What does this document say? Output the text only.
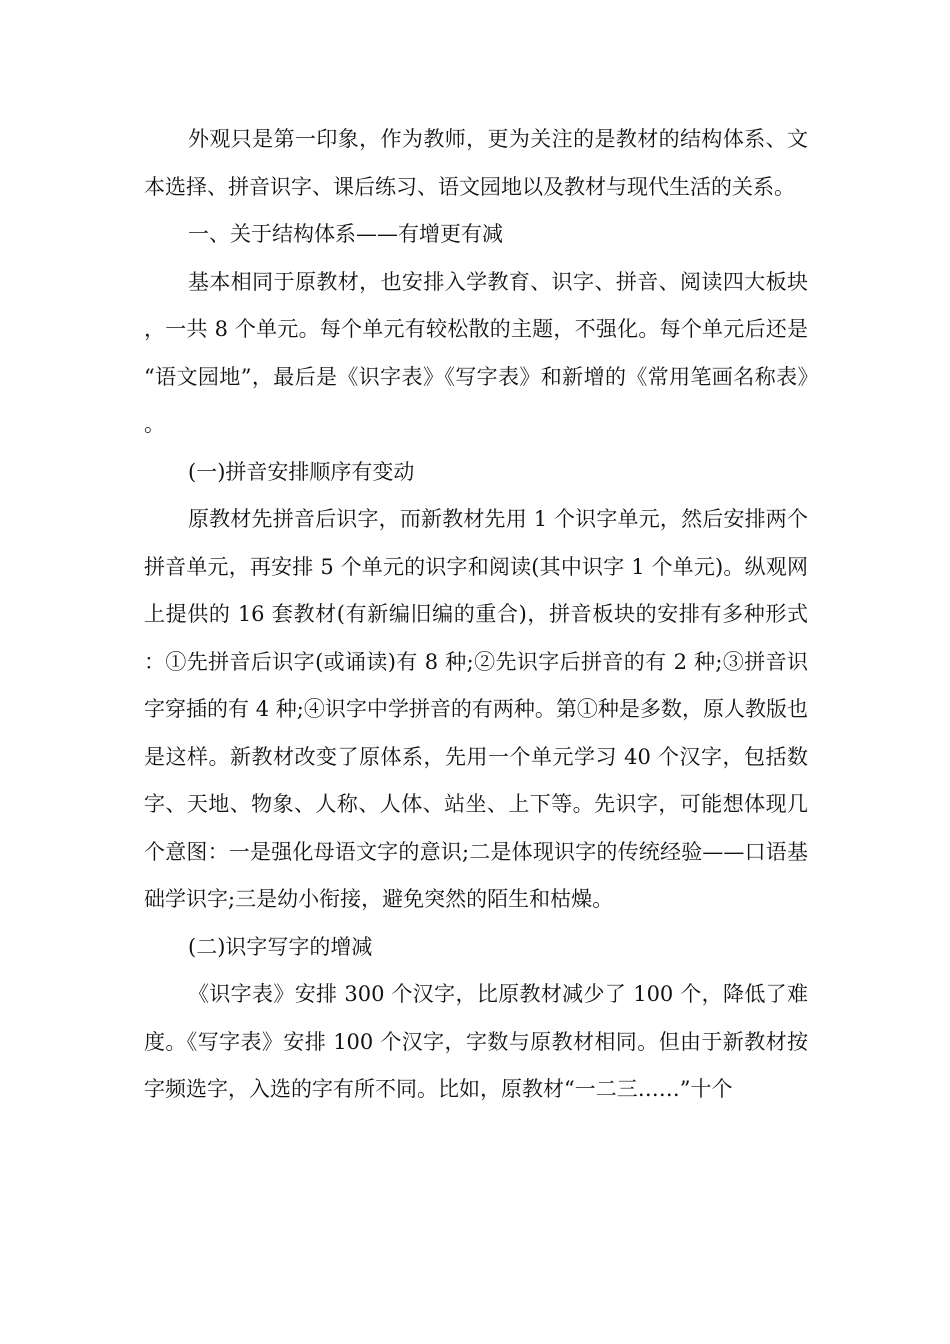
外观只是第一印象，作为教师，更为关注的是教材的结构体系、文本选择、拼音识字、课后练习、语文园地以及教材与现代生活的关系。

一、关于结构体系——有增更有减

基本相同于原教材，也安排入学教育、识字、拼音、阅读四大板块，一共 8 个单元。每个单元有较松散的主题，不强化。每个单元后还是“语文园地”，最后是《识字表》《写字表》和新增的《常用笔画名称表》。

(一)拼音安排顺序有变动

原教材先拼音后识字，而新教材先用 1 个识字单元，然后安排两个拼音单元，再安排 5 个单元的识字和阅读(其中识字 1 个单元)。纵观网上提供的 16 套教材(有新编旧编的重合)，拼音板块的安排有多种形式：①先拼音后识字(或诵读)有 8 种;②先识字后拼音的有 2 种;③拼音识字穿插的有 4 种;④识字中学拼音的有两种。第①种是多数，原人教版也是这样。新教材改变了原体系，先用一个单元学习 40 个汉字，包括数字、天地、物象、人称、人体、站坐、上下等。先识字，可能想体现几个意图：一是强化母语文字的意识;二是体现识字的传统经验——口语基础学识字;三是幼小衔接，避免突然的陌生和枯燥。

(二)识字写字的增减

《识字表》安排 300 个汉字，比原教材减少了 100 个，降低了难度。《写字表》安排 100 个汉字，字数与原教材相同。但由于新教材按字频选字，入选的字有所不同。比如，原教材“一二三……”十个
